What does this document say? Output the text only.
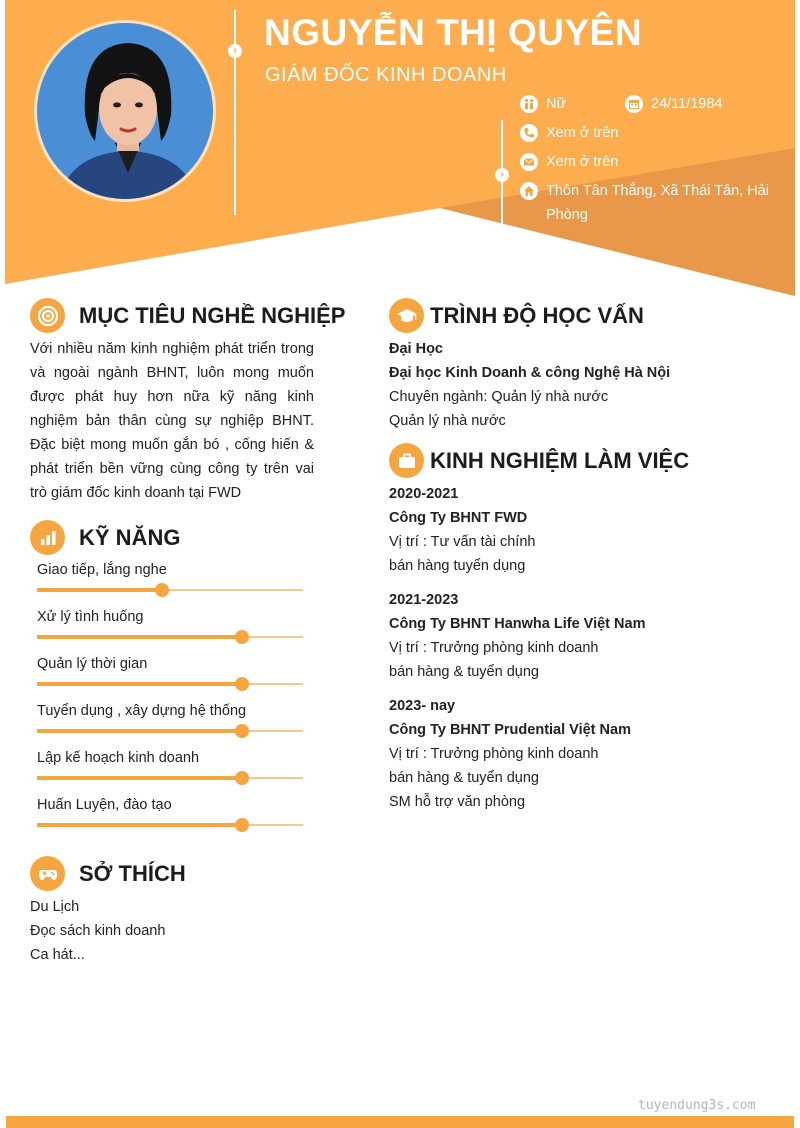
›
›
NGUYỄN THỊ QUYÊN
GIÁM ĐỐC KINH DOANH
Nữ	24/11/1984
Xem ở trên
Xem ở trên
Thôn Tân Thắng, Xã Thái Tân, Hải
Phòng
MỤC TIÊU NGHỀ NGHIỆP
Với nhiều năm kinh nghiệm phát triển trong và ngoài ngành BHNT, luôn mong muốn được phát huy hơn nữa kỹ năng kinh nghiệm bản thân cùng sự nghiệp BHNT. Đặc biệt mong muốn gắn bó , cống hiến & phát triển bền vững cùng công ty trên vai trò giám đốc kinh doanh tại FWD
KỸ NĂNG
Giao tiếp, lắng nghe
Xử lý tình huống
Quản lý thời gian
Tuyển dụng , xây dựng hệ thống
Lập kế hoạch kinh doanh
Huấn Luyện, đào tạo
SỞ THÍCH
Du Lịch
Đọc sách kinh doanh
Ca hát...
TRÌNH ĐỘ HỌC VẤN
Đại Học
Đại học Kinh Doanh & công Nghệ Hà Nội
Chuyên ngành: Quản lý nhà nước
Quản lý nhà nước
KINH NGHIỆM LÀM VIỆC
2020-2021
Công Ty BHNT FWD
Vị trí : Tư vấn tài chính
bán hàng tuyển dụng
2021-2023
Công Ty BHNT Hanwha Life Việt Nam
Vị trí : Trưởng phòng kinh doanh
bán hàng & tuyển dụng
2023- nay
Công Ty BHNT Prudential Việt Nam
Vị trí : Trưởng phòng kinh doanh
bán hàng & tuyển dụng
SM hỗ trợ văn phòng
tuyendung3s.com
